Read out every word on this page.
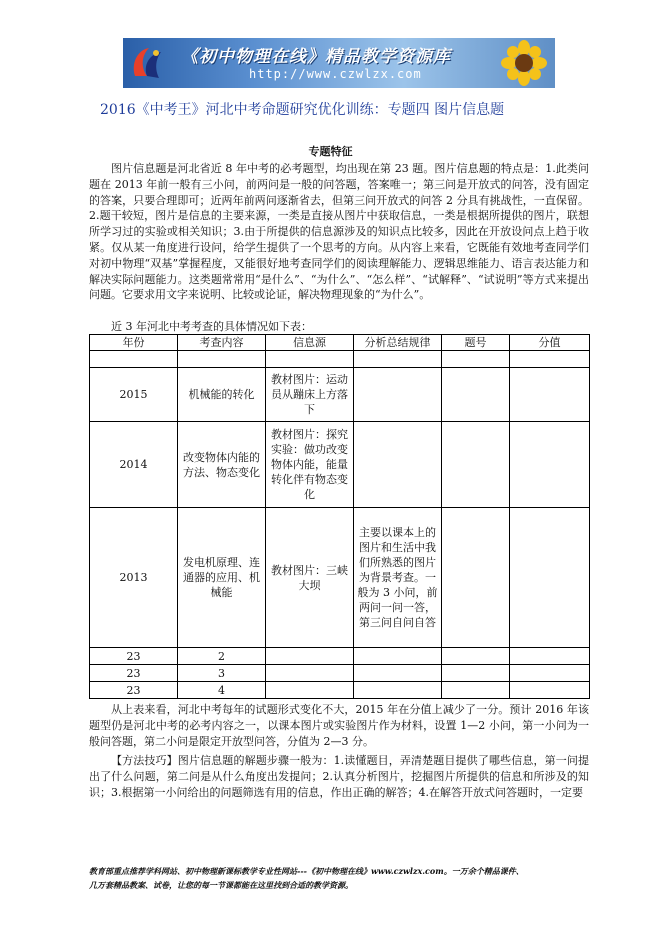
《初中物理在线》精品教学资源库
http://www.czwlzx.com
2016《中考王》河北中考命题研究优化训练：专题四 图片信息题
专题特征

图片信息题是河北省近 8 年中考的必考题型，均出现在第 23 题。图片信息题的特点是：1.此类问题在 2013 年前一般有三小问，前两问是一般的问答题，答案唯一；第三问是开放式的问答，没有固定的答案，只要合理即可；近两年前两问逐渐省去，但第三问开放式的问答 2 分具有挑战性，一直保留。2.题干较短，图片是信息的主要来源，一类是直接从图片中获取信息，一类是根据所提供的图片，联想所学习过的实验或相关知识；3.由于所提供的信息源涉及的知识点比较多，因此在开放设问点上趋于收紧。仅从某一角度进行设问，给学生提供了一个思考的方向。从内容上来看，它既能有效地考查同学们对初中物理“双基”掌握程度，又能很好地考查同学们的阅读理解能力、逻辑思维能力、语言表达能力和解决实际问题能力。这类题常常用“是什么”、“为什么”、“怎么样”、“试解释”、“试说明”等方式来提出问题。它要求用文字来说明、比较或论证，解决物理现象的“为什么”。

近 3 年河北中考考查的具体情况如下表：
年份	考查内容	信息源	分析总结规律	题号	分值

2015	机械能的转化	教材图片：运动员从蹦床上方落下			
2014	改变物体内能的方法、物态变化	教材图片：探究实验：做功改变物体内能，能量转化伴有物态变化			
2013	发电机原理、连通器的应用、机械能	教材图片：三峡大坝	主要以课本上的图片和生活中我们所熟悉的图片为背景考查。一般为 3 小问，前两问一问一答，第三问自问自答		
23	2				
23	3				
23	4				

从上表来看，河北中考每年的试题形式变化不大，2015 年在分值上减少了一分。预计 2016 年该题型仍是河北中考的必考内容之一，以课本图片或实验图片作为材料，设置 1—2 小问，第一小问为一般问答题，第二小问是限定开放型问答，分值为 2—3 分。

【方法技巧】图片信息题的解题步骤一般为：1.读懂题目，弄清楚题目提供了哪些信息，第一问提出了什么问题，第二问是从什么角度出发提问；2.认真分析图片，挖掘图片所提供的信息和所涉及的知识；3.根据第一小问给出的问题筛选有用的信息，作出正确的解答；4.在解答开放式问答题时，一定要

教育部重点推荐学科网站、初中物理新课标教学专业性网站---《初中物理在线》www.czwlzx.com。一万余个精品课件、
几万套精品教案、试卷，让您的每一节课都能在这里找到合适的教学资源。
